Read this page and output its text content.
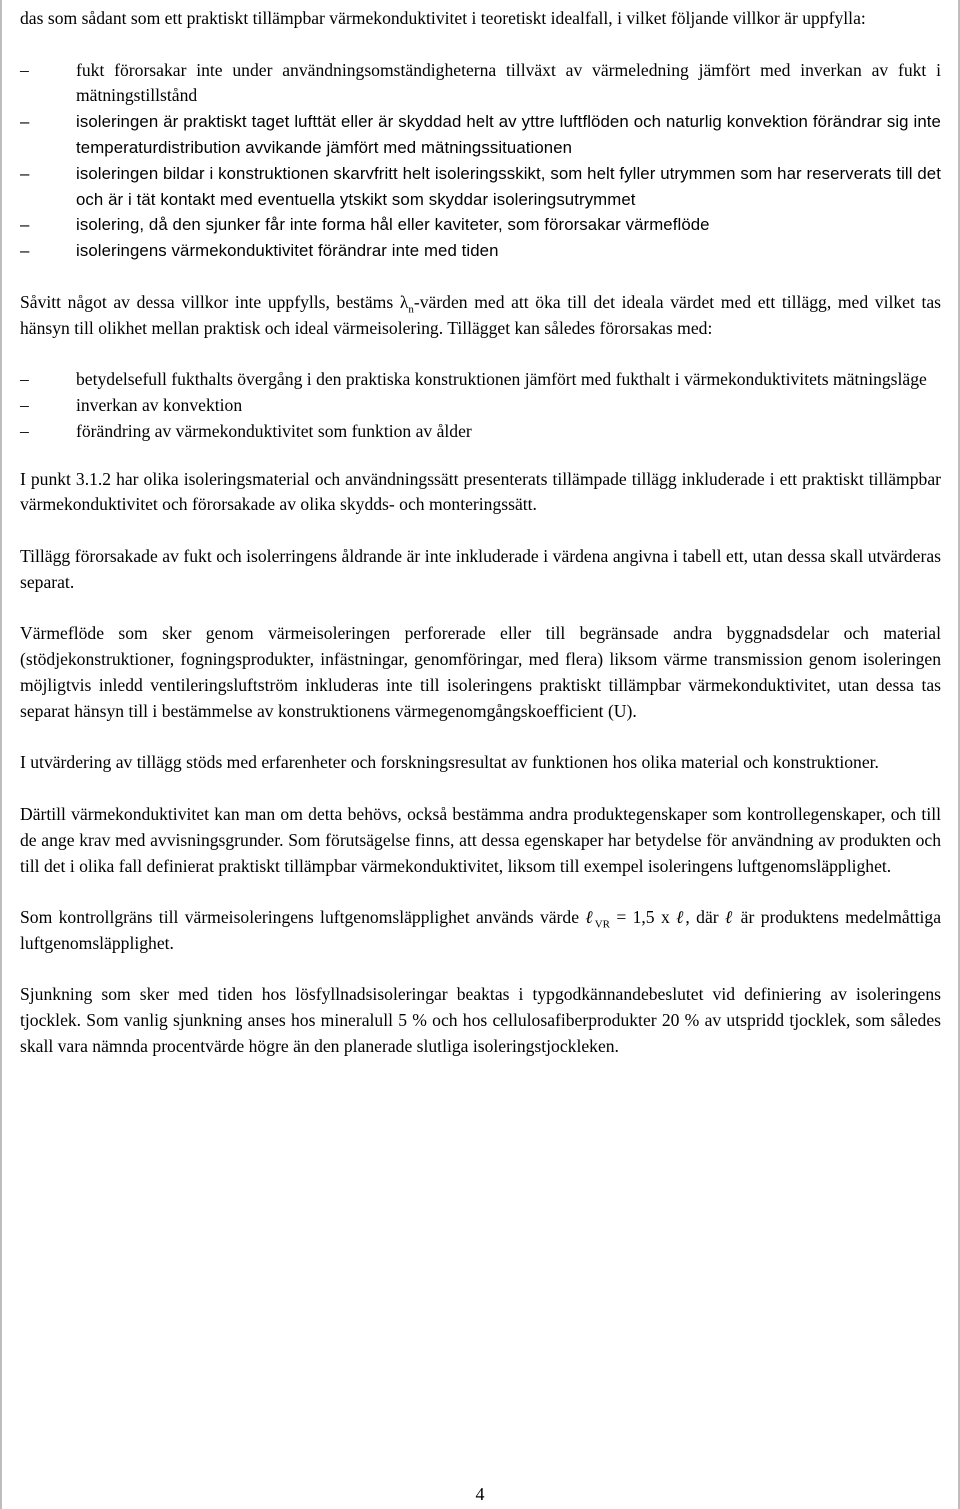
das som sådant som ett praktiskt tillämpbar värmekonduktivitet i teoretiskt idealfall, i vilket följande villkor är uppfylla:

–	fukt förorsakar inte under användningsomständigheterna tillväxt av värmeledning jämfört med inverkan av fukt i mätningstillstånd
–	isoleringen är praktiskt taget lufttät eller är skyddad helt av yttre luftflöden och naturlig konvektion förändrar sig inte temperaturdistribution avvikande jämfört med mätningssituationen
–	isoleringen bildar i konstruktionen skarvfritt helt isoleringsskikt, som helt fyller utrymmen som har reserverats till det och är i tät kontakt med eventuella ytskikt som skyddar isoleringsutrymmet
–	isolering, då den sjunker får inte forma hål eller kaviteter, som förorsakar värmeflöde
–	isoleringens värmekonduktivitet förändrar inte med tiden

Såvitt något av dessa villkor inte uppfylls, bestäms $\lambda_n$-värden med att öka till det ideala värdet med ett tillägg, med vilket tas hänsyn till olikhet mellan praktisk och ideal värmeisolering. Tillägget kan således förorsakas med:

–	betydelsefull fukthalts övergång i den praktiska konstruktionen jämfört med fukthalt i värmekonduktivitets mätningsläge
–	inverkan av konvektion
–	förändring av värmekonduktivitet som funktion av ålder

I punkt 3.1.2 har olika isoleringsmaterial och användningssätt presenterats tillämpade tillägg inkluderade i ett praktiskt tillämpbar värmekonduktivitet och förorsakade av olika skydds- och monteringssätt.

Tillägg förorsakade av fukt och isolerringens åldrande är inte inkluderade i värdena angivna i tabell ett, utan dessa skall utvärderas separat.

Värmeflöde som sker genom värmeisoleringen perforerade eller till begränsade andra byggnadsdelar och material (stödjekonstruktioner, fogningsprodukter, infästningar, genomföringar, med flera) liksom värme transmission genom isoleringen möjligtvis inledd ventileringsluftström inkluderas inte till isoleringens praktiskt tillämpbar värmekonduktivitet, utan dessa tas separat hänsyn till i bestämmelse av konstruktionens värmegenomgångskoefficient (U).

I utvärdering av tillägg stöds med erfarenheter och forskningsresultat av funktionen hos olika material och konstruktioner.

Därtill värmekonduktivitet kan man om detta behövs, också bestämma andra produktegenskaper som kontrollegenskaper, och till de ange krav med avvisningsgrunder. Som förutsägelse finns, att dessa egenskaper har betydelse för användning av produkten och till det i olika fall definierat praktiskt tillämpbar värmekonduktivitet, liksom till exempel isoleringens luftgenomsläpplighet.

Som kontrollgräns till värmeisoleringens luftgenomsläpplighet används värde ℓ$_{VR}$ = 1,5 x ℓ, där ℓ är produktens medelmåttiga luftgenomsläpplighet.

Sjunkning som sker med tiden hos lösfyllnadsisoleringar beaktas i typgodkännandebeslutet vid definiering av isoleringens tjocklek. Som vanlig sjunkning anses hos mineralull 5 % och hos cellulosafiberprodukter 20 % av utspridd tjocklek, som således skall vara nämnda procentvärde högre än den planerade slutliga isoleringstjockleken.

4
